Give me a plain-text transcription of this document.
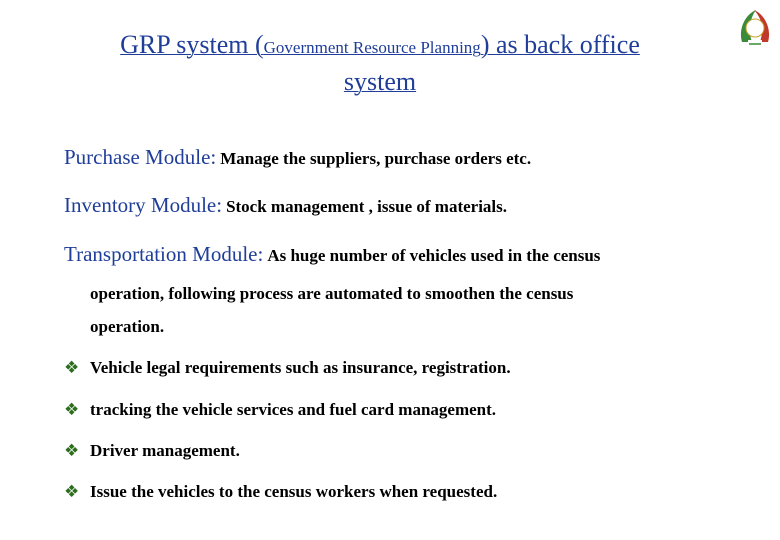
GRP system (Government Resource Planning) as back office
system
Purchase Module: Manage the suppliers, purchase orders etc.
Inventory Module: Stock management , issue of materials.
Transportation Module: As huge number of vehicles used in the census
operation, following process are automated to smoothen the census
operation.
❖ Vehicle legal requirements such as insurance, registration.
❖ tracking the vehicle services and fuel card management.
❖ Driver management.
❖ Issue the vehicles to the census workers when requested.
